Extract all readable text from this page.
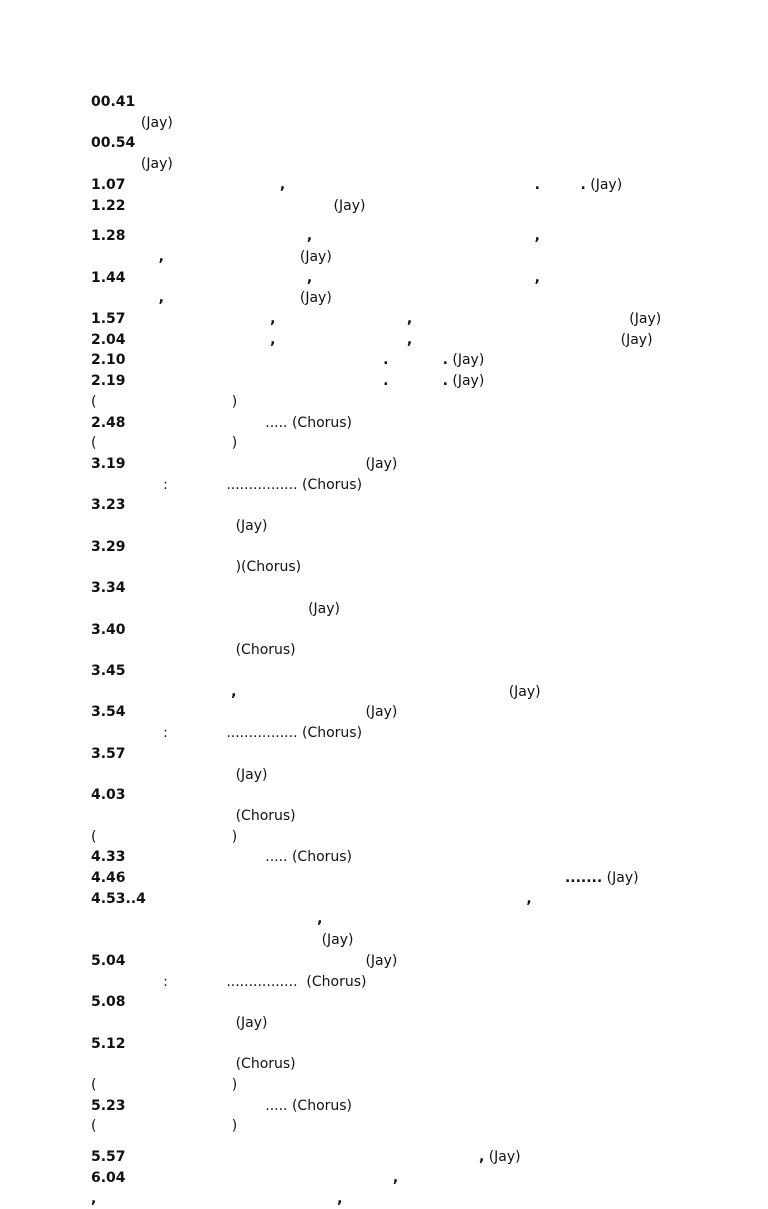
00.41 ᅟᅟᅟᅟᅟ ᅟᅟᅟ ᅟᅟ ᅟᅟ ᅟᅟᅟᅟᅟ ᅟᅟ ᅟᅟᅟ ᅟᅟᅟᅟᅟ ᅟᅟ ᅟ ᅟᅟ ᅟ ᅟᅟ ᅟ (Jay)
00.54 ᅟᅟᅟᅟᅟ ᅟᅟᅟ ᅟᅟ ᅟᅟ ᅟᅟᅟᅟᅟ ᅟᅟ ᅟᅟᅟ ᅟᅟᅟᅟᅟ ᅟᅟ ᅟ ᅟᅟ ᅟ ᅟᅟ ᅟ (Jay)
1.07 ᅟᅟ ᅟᅟᅟ ᅟᅟ ᅟᅟᅟ, ᅟᅟᅟᅟᅟ ᅟᅟᅟ ᅟᅟᅟᅟᅟᅟ ᅟᅟᅟ.ᅟᅟᅟ. (Jay)
1.22 ᅟᅟᅟᅟᅟ ᅟᅟᅟ ᅟᅟᅟᅟᅟᅟ (Jay)
1.28 ᅟᅟ ᅟᅟᅟᅟᅟ ᅟᅟᅟ ᅟᅟ, ᅟᅟ ᅟᅟᅟᅟᅟ ᅟᅟᅟ ᅟᅟᅟᅟᅟ, ᅟᅟᅟᅟ ᅟᅟᅟᅟᅟ, ᅟᅟᅟᅟ ᅟᅟᅟᅟᅟ (Jay)
1.44 ᅟᅟ ᅟᅟᅟᅟᅟ ᅟᅟᅟ ᅟᅟ, ᅟᅟ ᅟᅟᅟᅟᅟ ᅟᅟᅟ ᅟᅟᅟᅟᅟ, ᅟᅟᅟᅟ ᅟᅟᅟᅟᅟ, ᅟᅟᅟᅟ ᅟᅟᅟᅟᅟ (Jay)
1.57 ᅟᅟ ᅟᅟᅟᅟᅟᅟᅟᅟ, ᅟᅟᅟᅟ ᅟᅟᅟᅟᅟ, ᅟᅟᅟᅟᅟᅟᅟ ᅟᅟᅟᅟᅟᅟᅟᅟ (Jay)
2.04 ᅟᅟ ᅟᅟᅟᅟᅟᅟᅟᅟ, ᅟᅟᅟᅟ ᅟᅟᅟᅟᅟ, ᅟ ᅟᅟᅟᅟᅟ ᅟᅟᅟᅟᅟᅟᅟᅟ (Jay)
2.10 ᅟᅟᅟᅟᅟᅟᅟ ᅟᅟᅟᅟᅟᅟᅟ ᅟᅟᅟᅟ.ᅟᅟᅟᅟ. (Jay)
2.19 ᅟᅟᅟᅟᅟᅟᅟ ᅟᅟᅟᅟᅟᅟᅟ ᅟᅟᅟᅟ.ᅟᅟᅟᅟ. (Jay)
(ᅟᅟᅟᅟᅟᅟᅟᅟᅟᅟ)
2.48 ᅟᅟᅟᅟᅟᅟᅟᅟᅟᅟ..... (Chorus)
(ᅟᅟᅟᅟᅟᅟᅟᅟᅟᅟ)
3.19 ᅟ ᅟᅟᅟᅟᅟ ᅟᅟᅟᅟᅟᅟᅟᅟ ᅟᅟ (Jay)
ᅟᅟᅟᅟᅟ : ᅟᅟᅟᅟ................ (Chorus)
3.23 ᅟᅟᅟᅟᅟ ᅟᅟᅟᅟᅟᅟᅟᅟ ᅟᅟ ᅟᅟᅟᅟᅟᅟ ᅟᅟᅟᅟᅟ ᅟᅟ ᅟᅟ ᅟᅟᅟᅟᅟ ᅟᅟᅟᅟᅟ ᅟᅟᅟᅟᅟ (Jay)
3.29 ᅟᅟᅟᅟᅟ ᅟᅟᅟᅟᅟᅟᅟᅟ ᅟᅟ ᅟᅟᅟᅟᅟᅟ ᅟᅟᅟᅟᅟ ᅟᅟ ᅟᅟ ᅟᅟᅟᅟᅟ ᅟᅟᅟᅟᅟ ᅟᅟᅟᅟᅟ )(Chorus)
3.34 ᅟᅟ ᅟᅟᅟᅟᅟᅟᅟ ᅟᅟᅟᅟᅟᅟᅟᅟ ᅟᅟ ᅟᅟᅟᅟᅟᅟ ᅟᅟᅟᅟᅟ ᅟᅟ ᅟᅟ ᅟᅟᅟᅟᅟ ᅟᅟᅟᅟᅟ ᅟᅟᅟᅟᅟ (Jay)
3.40 ᅟᅟ ᅟᅟᅟᅟᅟ ᅟᅟᅟᅟᅟᅟᅟᅟ ᅟᅟ ᅟᅟᅟᅟᅟᅟ ᅟᅟᅟᅟᅟ ᅟᅟ ᅟᅟ ᅟᅟᅟᅟᅟ ᅟᅟᅟᅟᅟ ᅟᅟᅟᅟᅟ (Chorus)
3.45 ᅟᅟ ᅟᅟᅟᅟᅟ ᅟᅟᅟᅟᅟᅟᅟᅟ ᅟᅟ ᅟᅟᅟᅟᅟᅟ ᅟᅟᅟᅟᅟ ᅟᅟ ᅟᅟ ᅟᅟᅟᅟᅟ ᅟᅟᅟᅟᅟ ᅟᅟᅟᅟᅟ, ᅟ ᅟᅟ ᅟᅟᅟᅟᅟ ᅟᅟᅟᅟᅟ ᅟᅟᅟᅟᅟ (Jay)
3.54 ᅟ ᅟᅟᅟᅟᅟ ᅟᅟᅟᅟᅟᅟᅟᅟ ᅟᅟ (Jay)
ᅟᅟᅟᅟᅟ : ᅟᅟᅟᅟ................ (Chorus)
3.57 ᅟᅟᅟᅟᅟ ᅟᅟᅟᅟᅟᅟᅟᅟ ᅟᅟ ᅟᅟᅟᅟᅟᅟ ᅟᅟᅟᅟᅟ ᅟᅟ ᅟᅟ ᅟᅟᅟᅟᅟ ᅟᅟᅟᅟᅟ ᅟᅟᅟᅟᅟ (Jay)
4.03 ᅟᅟᅟᅟᅟ ᅟᅟᅟᅟᅟᅟᅟᅟ ᅟᅟ ᅟᅟᅟᅟᅟᅟ ᅟᅟᅟᅟᅟ ᅟᅟ ᅟᅟ ᅟᅟᅟᅟᅟ ᅟᅟᅟᅟᅟ ᅟᅟᅟᅟᅟ (Chorus)
(ᅟᅟᅟᅟᅟᅟᅟᅟᅟᅟ)
4.33 ᅟᅟᅟᅟᅟᅟᅟᅟᅟᅟ..... (Chorus)
4.46 ᅟᅟ ᅟᅟᅟᅟ ᅟᅟᅟᅟ ᅟᅟᅟᅟᅟᅟ ᅟᅟᅟᅟᅟᅟᅟᅟ ᅟᅟ ᅟᅟᅟᅟ....... (Jay)
4.53..4 ᅟᅟ ᅟᅟᅟᅟ ᅟᅟᅟᅟ ᅟᅟᅟᅟᅟᅟ ᅟᅟᅟᅟᅟᅟᅟᅟ ᅟᅟ, ᅟᅟᅟᅟ ᅟᅟᅟᅟ ᅟᅟᅟᅟᅟᅟ ᅟᅟᅟᅟᅟᅟᅟᅟ ᅟᅟ, ᅟᅟᅟᅟᅟᅟᅟᅟᅟ ᅟᅟᅟᅟᅟᅟᅟᅟ ᅟᅟ ᅟᅟ ᅟᅟᅟᅟᅟᅟᅟᅟᅟ ᅟᅟ ᅟᅟᅟᅟᅟ (Jay)
5.04 ᅟ ᅟᅟᅟᅟᅟ ᅟᅟᅟᅟᅟᅟᅟᅟ ᅟᅟ (Jay)
ᅟᅟᅟᅟᅟ : ᅟᅟᅟᅟ................  (Chorus)
5.08 ᅟᅟᅟᅟᅟ ᅟᅟᅟᅟᅟᅟᅟᅟ ᅟᅟ ᅟᅟᅟᅟᅟᅟ ᅟᅟᅟᅟᅟ ᅟᅟ ᅟᅟ ᅟᅟᅟᅟᅟ ᅟᅟᅟᅟᅟ ᅟᅟᅟᅟᅟ (Jay)
5.12 ᅟᅟᅟᅟᅟ ᅟᅟᅟᅟᅟᅟᅟᅟ ᅟᅟ ᅟᅟᅟᅟᅟᅟ ᅟᅟᅟᅟᅟ ᅟᅟ ᅟᅟ ᅟᅟᅟᅟᅟ ᅟᅟᅟᅟᅟ ᅟᅟᅟᅟᅟ (Chorus)
(ᅟᅟᅟᅟᅟᅟᅟᅟᅟᅟ)
5.23 ᅟᅟᅟᅟᅟᅟᅟᅟᅟᅟ..... (Chorus)
(ᅟᅟᅟᅟᅟᅟᅟᅟᅟᅟ)
5.57 ᅟᅟ ᅟᅟ ᅟᅟᅟᅟᅟᅟ ᅟᅟᅟᅟᅟᅟᅟᅟ ᅟᅟ ᅟᅟᅟᅟ, (Jay)
6.04 ᅟᅟ ᅟᅟᅟᅟᅟᅟ ᅟᅟᅟᅟᅟᅟᅟᅟ ᅟᅟ , ᅟᅟ ᅟᅟᅟᅟᅟᅟ ᅟᅟᅟᅟᅟᅟᅟᅟ ᅟᅟ , ᅟᅟ ᅟᅟ ᅟᅟᅟᅟᅟ ᅟᅟ ᅟᅟᅟᅟᅟ, ᅟᅟ ᅟᅟ
